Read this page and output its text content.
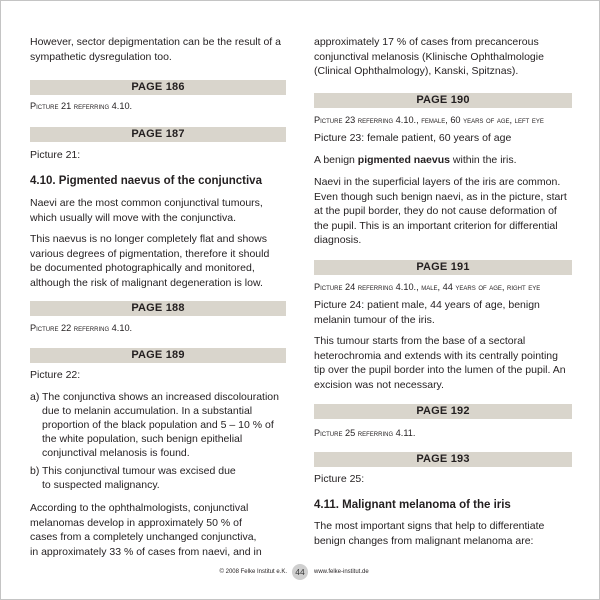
However, sector depigmentation can be the result of a
sympathetic dysregulation too.

PAGE 186

Picture 21 referring 4.10.

PAGE 187

Picture 21:

4.10. Pigmented naevus of the conjunctiva

Naevi are the most common conjunctival tumours,
which usually will move with the conjunctiva.

This naevus is no longer completely flat and shows
various degrees of pigmentation, therefore it should
be documented photographically and monitored,
although the risk of malignant degeneration is low.

PAGE 188

Picture 22 referring 4.10.

PAGE 189

Picture 22:

a) The conjunctiva shows an increased discolouration
due to melanin accumulation. In a substantial
proportion of the black population and 5 – 10 % of
the white population, such benign epithelial
conjunctival melanosis is found.
b) This conjunctival tumour was excised due
to suspected malignancy.

According to the ophthalmologists, conjunctival
melanomas develop in approximately 50 % of
cases from a completely unchanged conjunctiva,
in approximately 33 % of cases from naevi, and in

approximately 17 % of cases from precancerous
conjunctival melanosis (Klinische Ophthalmologie
(Clinical Ophthalmology), Kanski, Spitznas).

PAGE 190

Picture 23 referring 4.10., female, 60 years of age, left eye

Picture 23: female patient, 60 years of age

A benign pigmented naevus within the iris.

Naevi in the superficial layers of the iris are common.
Even though such benign naevi, as in the picture, start
at the pupil border, they do not cause deformation of
the pupil. This is an important criterion for differential
diagnosis.

PAGE 191

Picture 24 referring 4.10., male, 44 years of age, right eye

Picture 24: patient male, 44 years of age, benign
melanin tumour of the iris.

This tumour starts from the base of a sectoral
heterochromia and extends with its centrally pointing
tip over the pupil border into the lumen of the pupil. An
excision was not necessary.

PAGE 192

Picture 25 referring 4.11.

PAGE 193

Picture 25:

4.11. Malignant melanoma of the iris

The most important signs that help to differentiate
benign changes from malignant melanoma are:

© 2008 Felke Institut e.K. 44	www.felke-institut.de
